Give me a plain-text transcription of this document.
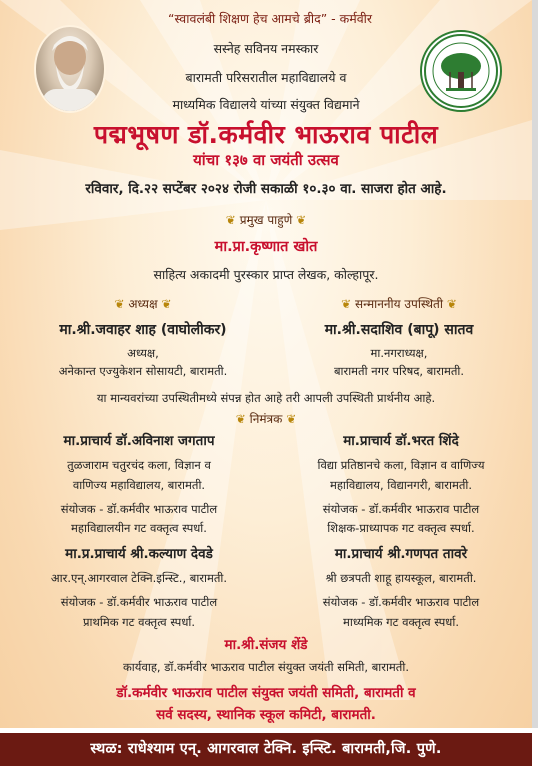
“स्वावलंबी शिक्षण हेच आमचे ब्रीद” - कर्मवीर
सस्नेह सविनय नमस्कार
बारामती परिसरातील महाविद्यालये व
माध्यमिक विद्यालये यांच्या संयुक्त विद्यमाने
पद्मभूषण डॉ.कर्मवीर भाऊराव पाटील
यांचा १३७ वा जयंती उत्सव
रविवार, दि.२२ सप्टेंबर २०२४ रोजी सकाळी १०.३० वा. साजरा होत आहे.
❦ प्रमुख पाहुणे ❦
मा.प्रा.कृष्णात खोत
साहित्य अकादमी पुरस्कार प्राप्त लेखक, कोल्हापूर.
❦ अध्यक्ष ❦
मा.श्री.जवाहर शाह (वाघोलीकर)
अध्यक्ष,
अनेकान्त एज्युकेशन सोसायटी, बारामती.
❦ सन्माननीय उपस्थिती ❦
मा.श्री.सदाशिव (बापू) सातव
मा.नगराध्यक्ष,
बारामती नगर परिषद, बारामती.
या मान्यवरांच्या उपस्थितीमध्ये संपन्न होत आहे तरी आपली उपस्थिती प्रार्थनीय आहे.
❦ निमंत्रक ❦
मा.प्राचार्य डॉ.अविनाश जगताप
तुळजाराम चतुरचंद कला, विज्ञान व
वाणिज्य महाविद्यालय, बारामती.
संयोजक - डॉ.कर्मवीर भाऊराव पाटील
महाविद्यालयीन गट वक्तृत्व स्पर्धा.
मा.प्राचार्य डॉ.भरत शिंदे
विद्या प्रतिष्ठानचे कला, विज्ञान व वाणिज्य
महाविद्यालय, विद्यानगरी, बारामती.
संयोजक - डॉ.कर्मवीर भाऊराव पाटील
शिक्षक-प्राध्यापक गट वक्तृत्व स्पर्धा.
मा.प्र.प्राचार्य श्री.कल्याण देवडे
आर.एन्.आगरवाल टेक्नि.इन्स्टि., बारामती.
संयोजक - डॉ.कर्मवीर भाऊराव पाटील
प्राथमिक गट वक्तृत्व स्पर्धा.
मा.प्राचार्य श्री.गणपत तावरे
श्री छत्रपती शाहू हायस्कूल, बारामती.
संयोजक - डॉ.कर्मवीर भाऊराव पाटील
माध्यमिक गट वक्तृत्व स्पर्धा.
मा.श्री.संजय शेंडे
कार्यवाह, डॉ.कर्मवीर भाऊराव पाटील संयुक्त जयंती समिती, बारामती.
डॉ.कर्मवीर भाऊराव पाटील संयुक्त जयंती समिती, बारामती व
सर्व सदस्य, स्थानिक स्कूल कमिटी, बारामती.
स्थळ: राधेश्याम एन्. आगरवाल टेक्नि. इन्स्टि. बारामती,जि. पुणे.
